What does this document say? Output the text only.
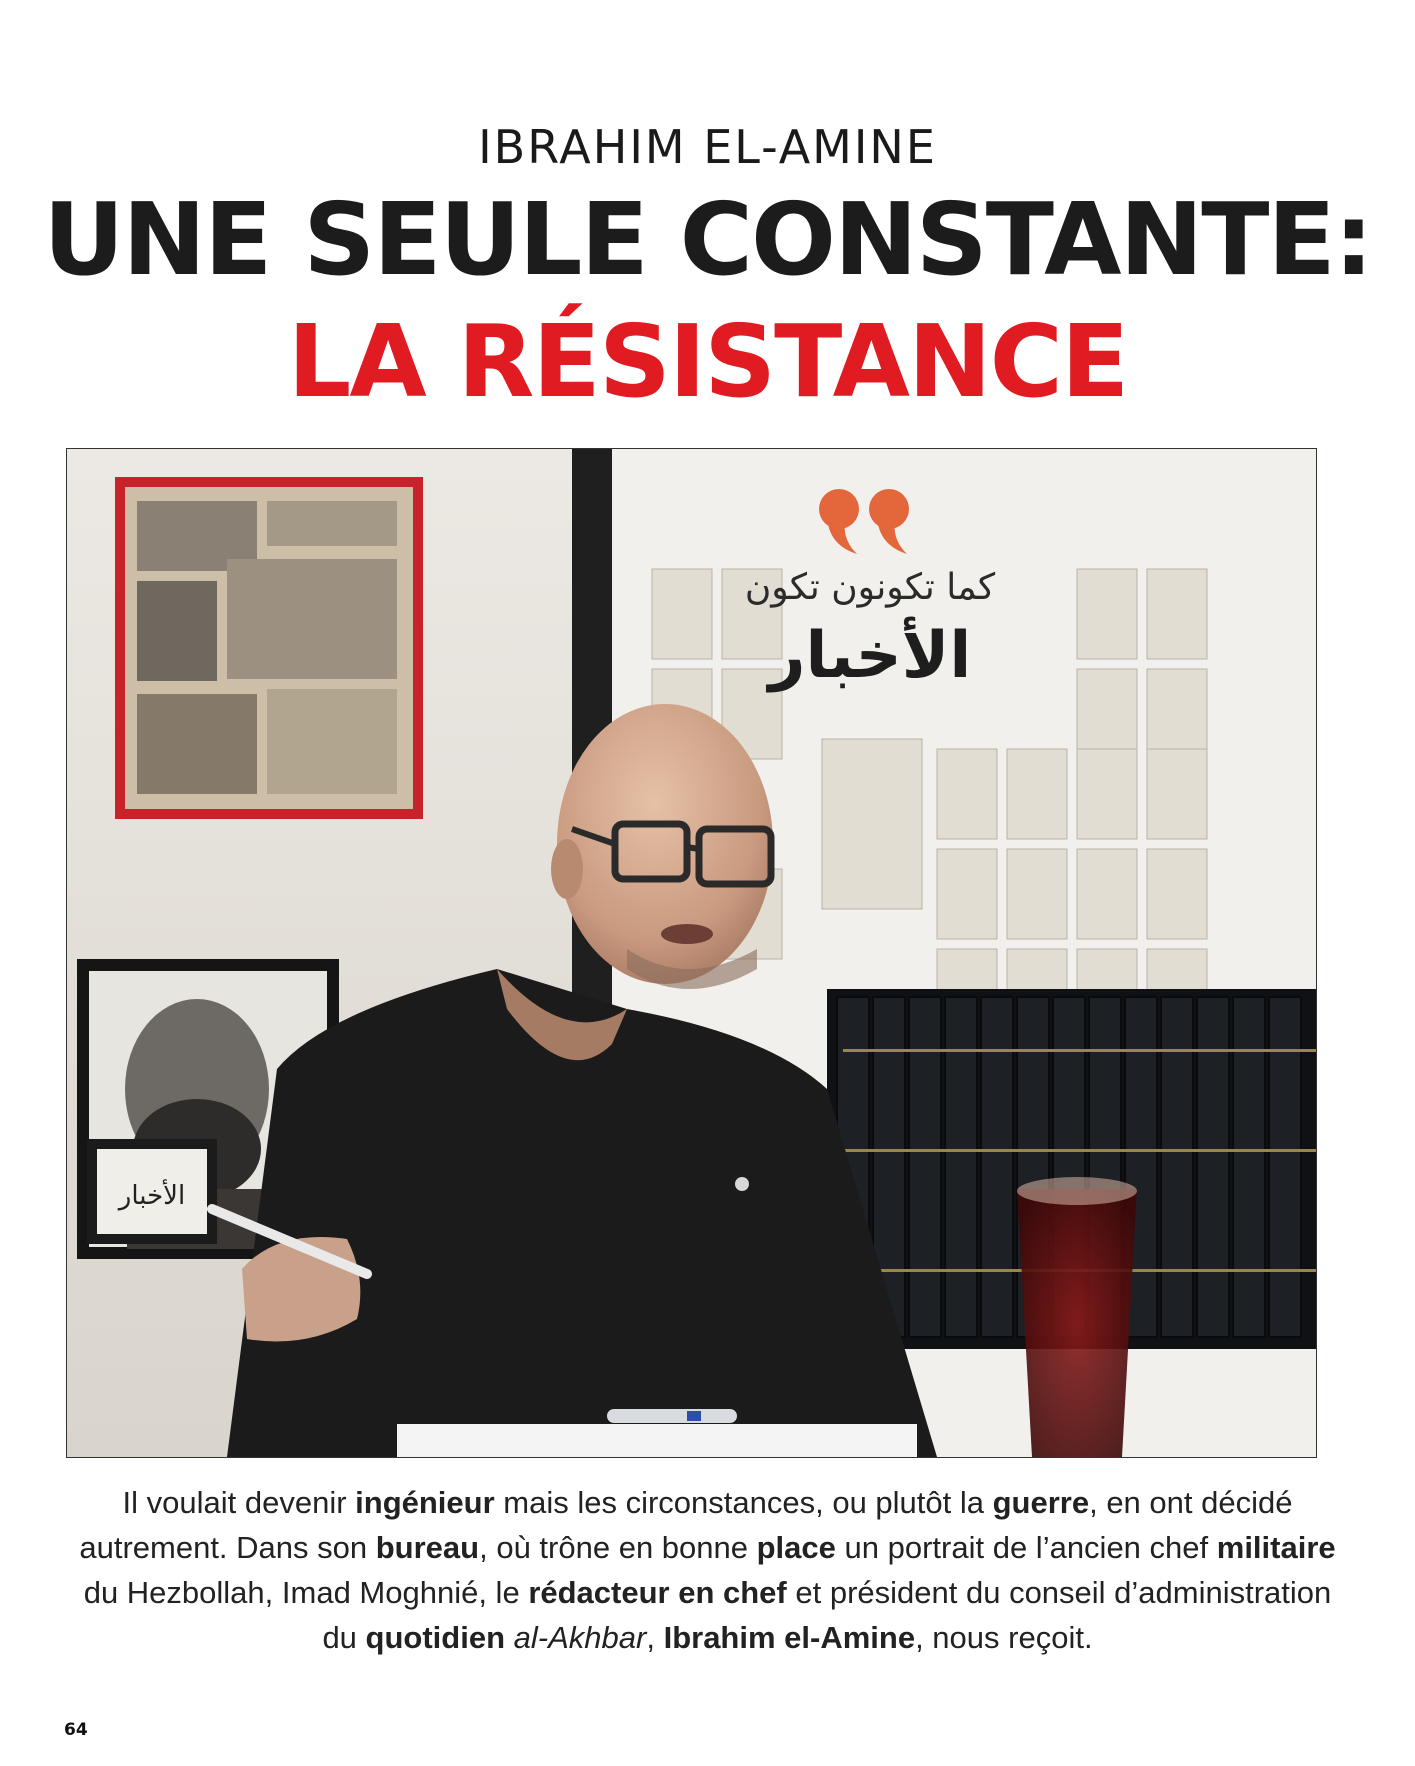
IBRAHIM EL-AMINE
UNE SEULE CONSTANTE:
LA RÉSISTANCE
كما تكونون تكون
الأخبار
الأخبار
Il voulait devenir ingénieur mais les circonstances, ou plutôt la guerre, en ont décidé autrement. Dans son bureau, où trône en bonne place un portrait de l’ancien chef militaire du Hezbollah, Imad Moghnié, le rédacteur en chef et président du conseil d’administration du quotidien al-Akhbar, Ibrahim el-Amine, nous reçoit.
64
